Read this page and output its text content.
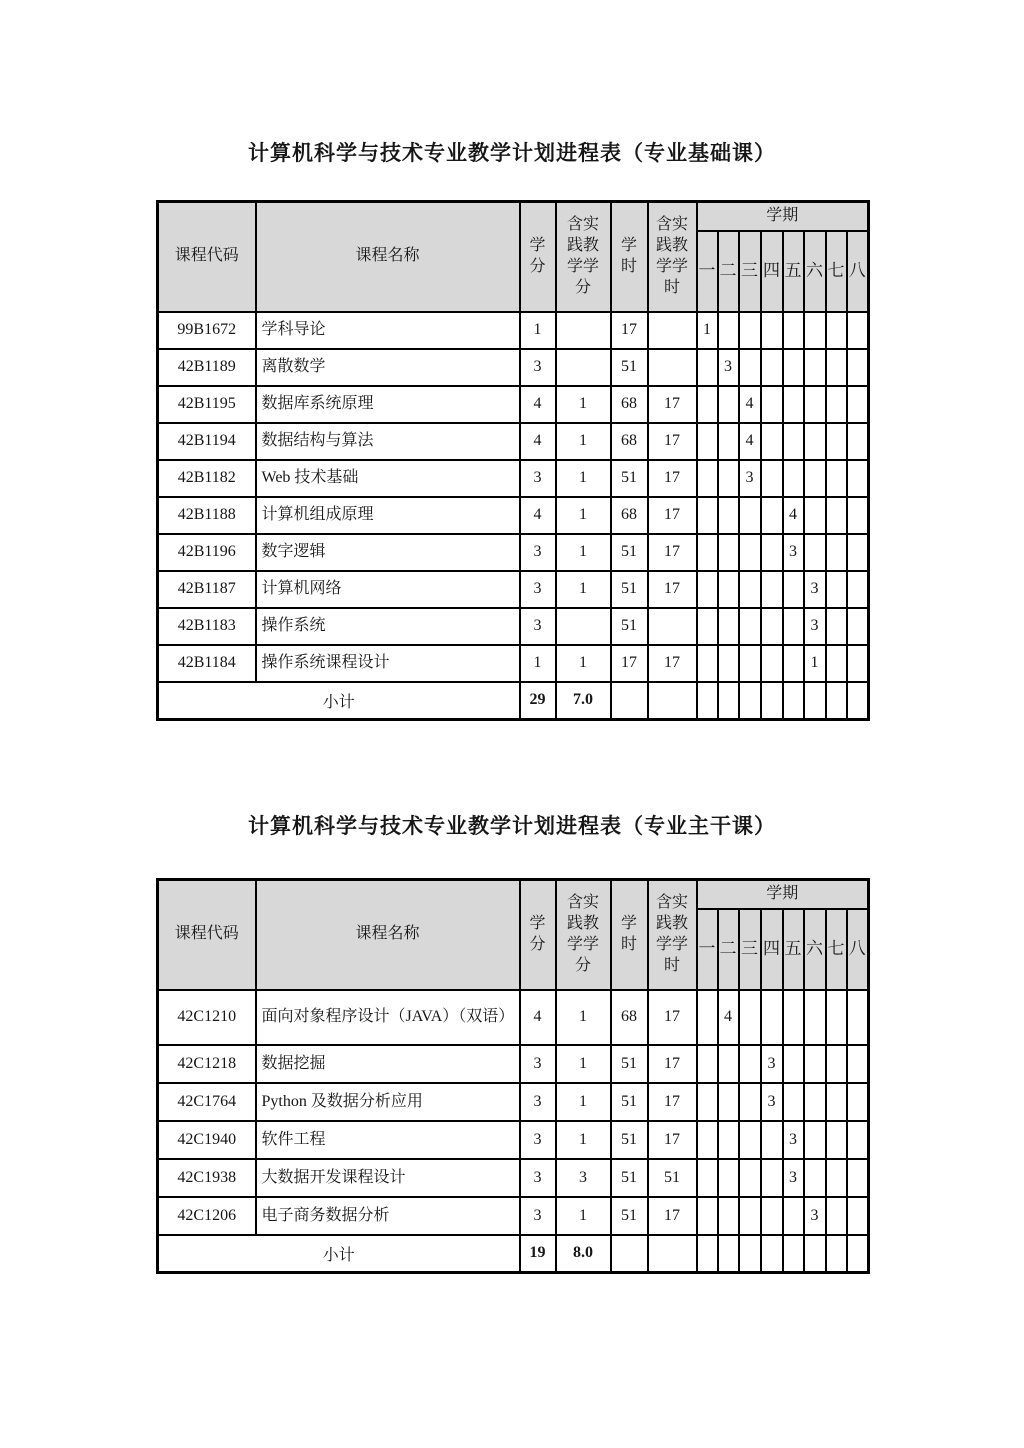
计算机科学与技术专业教学计划进程表（专业基础课）
课程代码	课程名称	学分	含实践教学学分	学时	含实践教学学时	学期							
						一	二	三	四	五	六	七	八
99B1672	学科导论	1		17		1							
42B1189	离散数学	3		51			3						
42B1195	数据库系统原理	4	1	68	17			4					
42B1194	数据结构与算法	4	1	68	17			4					
42B1182	Web 技术基础	3	1	51	17			3					
42B1188	计算机组成原理	4	1	68	17					4			
42B1196	数字逻辑	3	1	51	17					3			
42B1187	计算机网络	3	1	51	17						3		
42B1183	操作系统	3		51							3		
42B1184	操作系统课程设计	1	1	17	17						1		
小计		29	7.0										
计算机科学与技术专业教学计划进程表（专业主干课）
课程代码	课程名称	学分	含实践教学学分	学时	含实践教学学时	学期							
						一	二	三	四	五	六	七	八
42C1210	面向对象程序设计（JAVA）（双语）	4	1	68	17		4						
42C1218	数据挖掘	3	1	51	17				3				
42C1764	Python 及数据分析应用	3	1	51	17				3				
42C1940	软件工程	3	1	51	17					3			
42C1938	大数据开发课程设计	3	3	51	51					3			
42C1206	电子商务数据分析	3	1	51	17						3		
小计		19	8.0										
